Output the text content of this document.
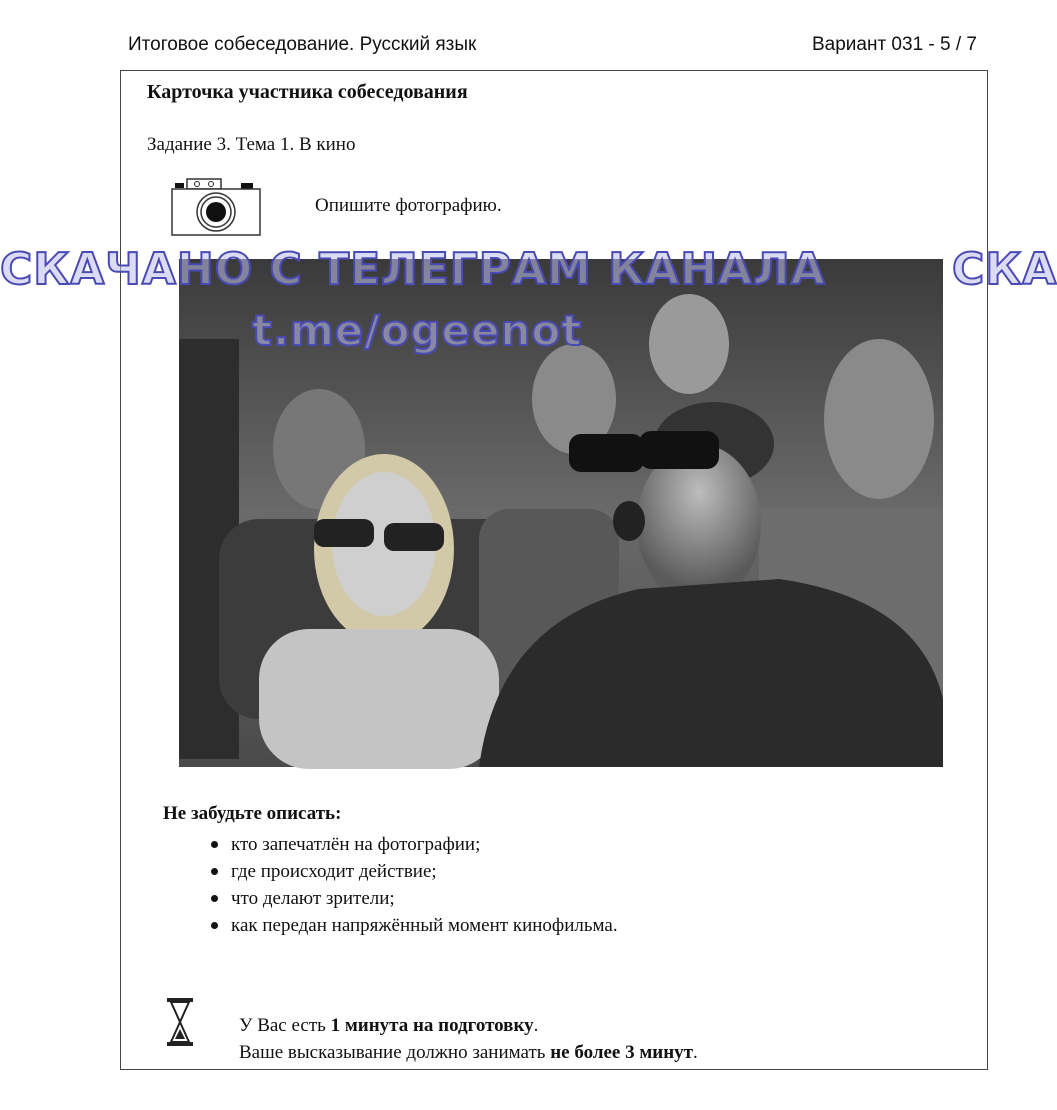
Итоговое собеседование. Русский язык	Вариант 031 - 5 / 7
Карточка участника собеседования
Задание 3. Тема 1. В кино
Опишите фотографию.
Не забудьте описать:
кто запечатлён на фотографии;
где происходит действие;
что делают зрители;
как передан напряжённый момент кинофильма.
У Вас есть 1 минута на подготовку.
Ваше высказывание должно занимать не более 3 минут.
СКАЧАНО С ТЕЛЕГРАМ КАНАЛА
t.me/ogeenot
СКА
